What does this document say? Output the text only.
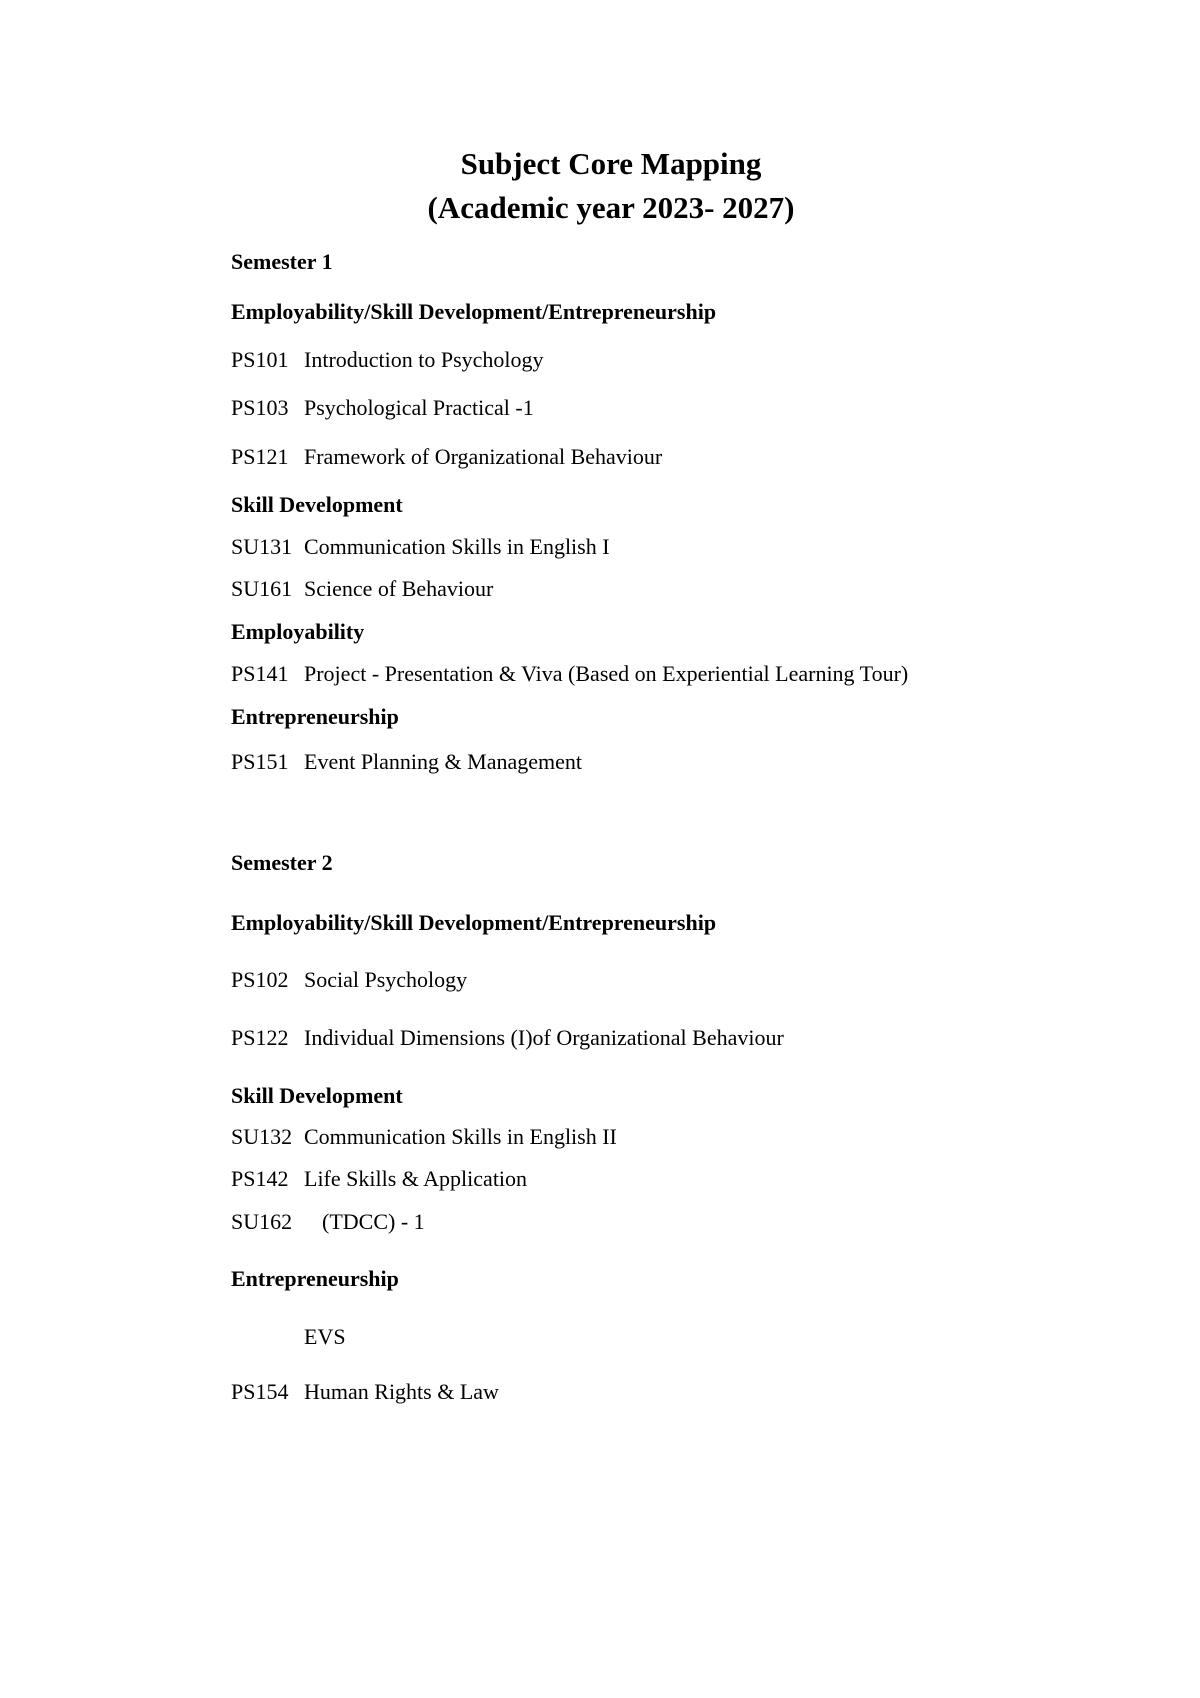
Subject Core Mapping
(Academic year 2023- 2027)
Semester 1
Employability/Skill Development/Entrepreneurship
PS101 Introduction to Psychology
PS103 Psychological Practical -1
PS121 Framework of Organizational Behaviour
Skill Development
SU131 Communication Skills in English I
SU161 Science of Behaviour
Employability
PS141 Project - Presentation & Viva (Based on Experiential Learning Tour)
Entrepreneurship
PS151 Event Planning & Management
Semester 2
Employability/Skill Development/Entrepreneurship
PS102 Social Psychology
PS122 Individual Dimensions (I)of Organizational Behaviour
Skill Development
SU132 Communication Skills in English II
PS142 Life Skills & Application
SU162 (TDCC) - 1
Entrepreneurship
EVS
PS154 Human Rights & Law
